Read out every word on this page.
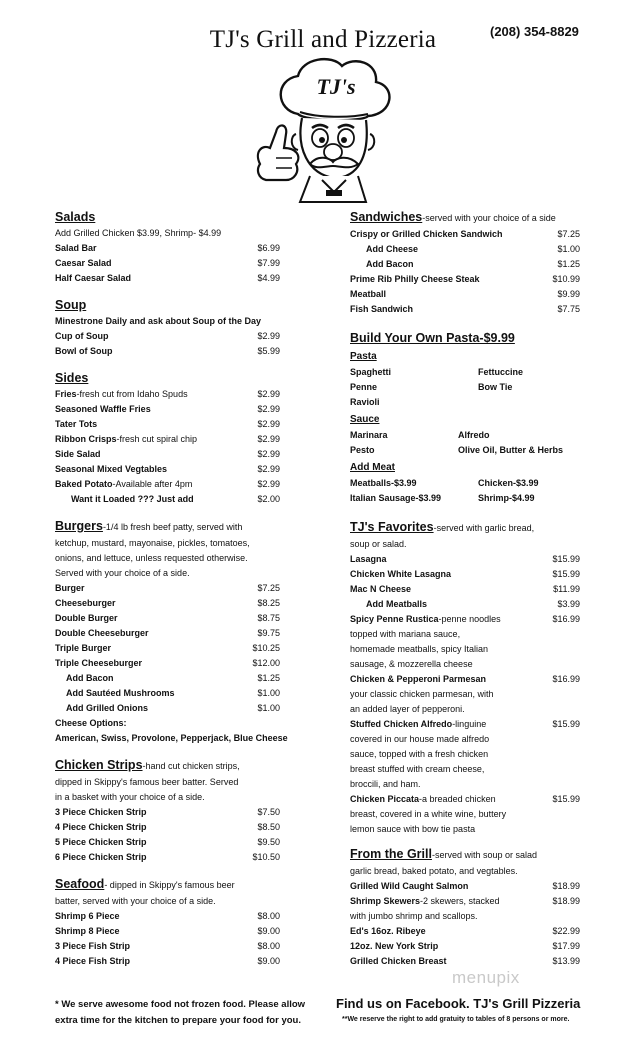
TJ's Grill and Pizzeria	(208) 354-8829
TJ's
Salads
Add Grilled Chicken $3.99, Shrimp- $4.99
Salad Bar	$6.99
Caesar Salad	$7.99
Half Caesar Salad	$4.99
Soup
Minestrone Daily and ask about Soup of the Day
Cup of Soup	$2.99
Bowl of Soup	$5.99
Sides
Fries-fresh cut from Idaho Spuds	$2.99
Seasoned Waffle Fries	$2.99
Tater Tots	$2.99
Ribbon Crisps-fresh cut spiral chip	$2.99
Side Salad	$2.99
Seasonal Mixed Vegtables	$2.99
Baked Potato-Available after 4pm	$2.99
Want it Loaded ??? Just add	$2.00
Burgers-1/4 lb fresh beef patty, served with
ketchup, mustard, mayonaise, pickles, tomatoes,
onions, and lettuce, unless requested otherwise.
Served with your choice of a side.
Burger	$7.25
Cheeseburger	$8.25
Double Burger	$8.75
Double Cheeseburger	$9.75
Triple Burger	$10.25
Triple Cheeseburger	$12.00
Add Bacon	$1.25
Add Sautéed Mushrooms	$1.00
Add Grilled Onions	$1.00
Cheese Options:
American, Swiss, Provolone, Pepperjack, Blue Cheese
Chicken Strips-hand cut chicken strips,
dipped in Skippy's famous beer batter. Served
in a basket with your choice of a side.
3 Piece Chicken Strip	$7.50
4 Piece Chicken Strip	$8.50
5 Piece Chicken Strip	$9.50
6 Piece Chicken Strip	$10.50
Seafood- dipped in Skippy's famous beer
batter, served with your choice of a side.
Shrimp 6 Piece	$8.00
Shrimp 8 Piece	$9.00
3 Piece Fish Strip	$8.00
4 Piece Fish Strip	$9.00
Sandwiches-served with your choice of a side
Crispy or Grilled Chicken Sandwich	$7.25
Add Cheese	$1.00
Add Bacon	$1.25
Prime Rib Philly Cheese Steak	$10.99
Meatball	$9.99
Fish Sandwich	$7.75
Build Your Own Pasta-$9.99
Pasta
Spaghetti	Fettuccine
Penne	Bow Tie
Ravioli
Sauce
Marinara	Alfredo
Pesto	Olive Oil, Butter & Herbs
Add Meat
Meatballs-$3.99	Chicken-$3.99
Italian Sausage-$3.99	Shrimp-$4.99
TJ's Favorites-served with garlic bread,
soup or salad.
Lasagna	$15.99
Chicken White Lasagna	$15.99
Mac N Cheese	$11.99
Add Meatballs	$3.99
Spicy Penne Rustica-penne noodles	$16.99
topped with mariana sauce,
homemade meatballs, spicy Italian
sausage, & mozzerella cheese
Chicken & Pepperoni Parmesan	$16.99
your classic chicken parmesan, with
an added layer of pepperoni.
Stuffed Chicken Alfredo-linguine	$15.99
covered in our house made alfredo
sauce, topped with a fresh chicken
breast stuffed with cream cheese,
broccili, and ham.
Chicken Piccata-a breaded chicken	$15.99
breast, covered in a white wine, buttery
lemon sauce with bow tie pasta
From the Grill-served with soup or salad
garlic bread, baked potato, and vegtables.
Grilled Wild Caught Salmon	$18.99
Shrimp Skewers-2 skewers, stacked	$18.99
with jumbo shrimp and scallops.
Ed's 16oz. Ribeye	$22.99
12oz. New York Strip	$17.99
Grilled Chicken Breast	$13.99
menupix
* We serve awesome food not frozen food. Please allow extra time for the kitchen to prepare your food for you.
Find us on Facebook. TJ's Grill Pizzeria
**We reserve the right to add gratuity to tables of 8 persons or more.
